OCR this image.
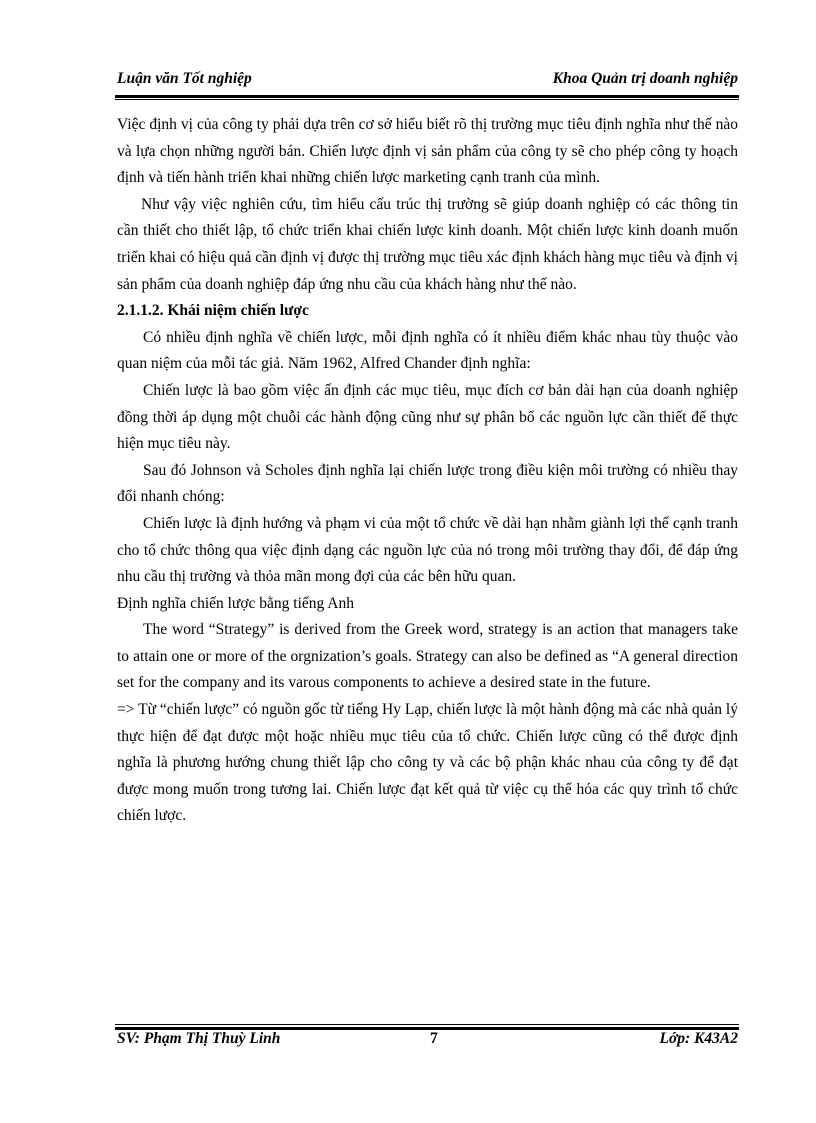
Luận văn Tốt nghiệp	Khoa Quản trị doanh nghiệp

Việc định vị của công ty phải dựa trên cơ sở hiểu biết rõ thị trường mục tiêu định nghĩa như thế nào và lựa chọn những người bán. Chiến lược định vị sản phẩm của công ty sẽ cho phép công ty hoạch định và tiến hành triển khai những chiến lược marketing cạnh tranh của mình.

Như vậy việc nghiên cứu, tìm hiểu cấu trúc thị trường sẽ giúp doanh nghiệp có các thông tin cần thiết cho thiết lập, tổ chức triển khai chiến lược kinh doanh. Một chiến lược kinh doanh muốn triển khai có hiệu quả cần định vị được thị trường mục tiêu xác định khách hàng mục tiêu và định vị sản phẩm của doanh nghiệp đáp ứng nhu cầu của khách hàng như thế nào.

2.1.1.2. Khái niệm chiến lược

Có nhiều định nghĩa về chiến lược, mỗi định nghĩa có ít nhiều điểm khác nhau tùy thuộc vào quan niệm của mỗi tác giả. Năm 1962, Alfred Chander định nghĩa:

Chiến lược là bao gồm việc ấn định các mục tiêu, mục đích cơ bản dài hạn của doanh nghiệp đồng thời áp dụng một chuỗi các hành động cũng như sự phân bổ các nguồn lực cần thiết để thực hiện mục tiêu này.

Sau đó Johnson và Scholes định nghĩa lại chiến lược trong điều kiện môi trường có nhiều thay đổi nhanh chóng:

Chiến lược là định hướng và phạm vi của một tổ chức về dài hạn nhằm giành lợi thế cạnh tranh cho tổ chức thông qua việc định dạng các nguồn lực của nó trong môi trường thay đổi, để đáp ứng nhu cầu thị trường và thỏa mãn mong đợi của các bên hữu quan.

Định nghĩa chiến lược bằng tiếng Anh

The word “Strategy” is derived from the Greek word, strategy is an action that managers take to attain one or more of the orgnization’s goals. Strategy can also be defined as “A general direction set for the company and its varous components to achieve a desired state in the future.

=> Từ “chiến lược” có nguồn gốc từ tiếng Hy Lạp, chiến lược là một hành động mà các nhà quản lý thực hiện để đạt được một hoặc nhiều mục tiêu của tổ chức. Chiến lược cũng có thể được định nghĩa là phương hướng chung thiết lập cho công ty và các bộ phận khác nhau của công ty để đạt được mong muốn trong tương lai. Chiến lược đạt kết quả từ việc cụ thể hóa các quy trình tổ chức chiến lược.

SV: Phạm Thị Thuỳ Linh	7	Lớp: K43A2
